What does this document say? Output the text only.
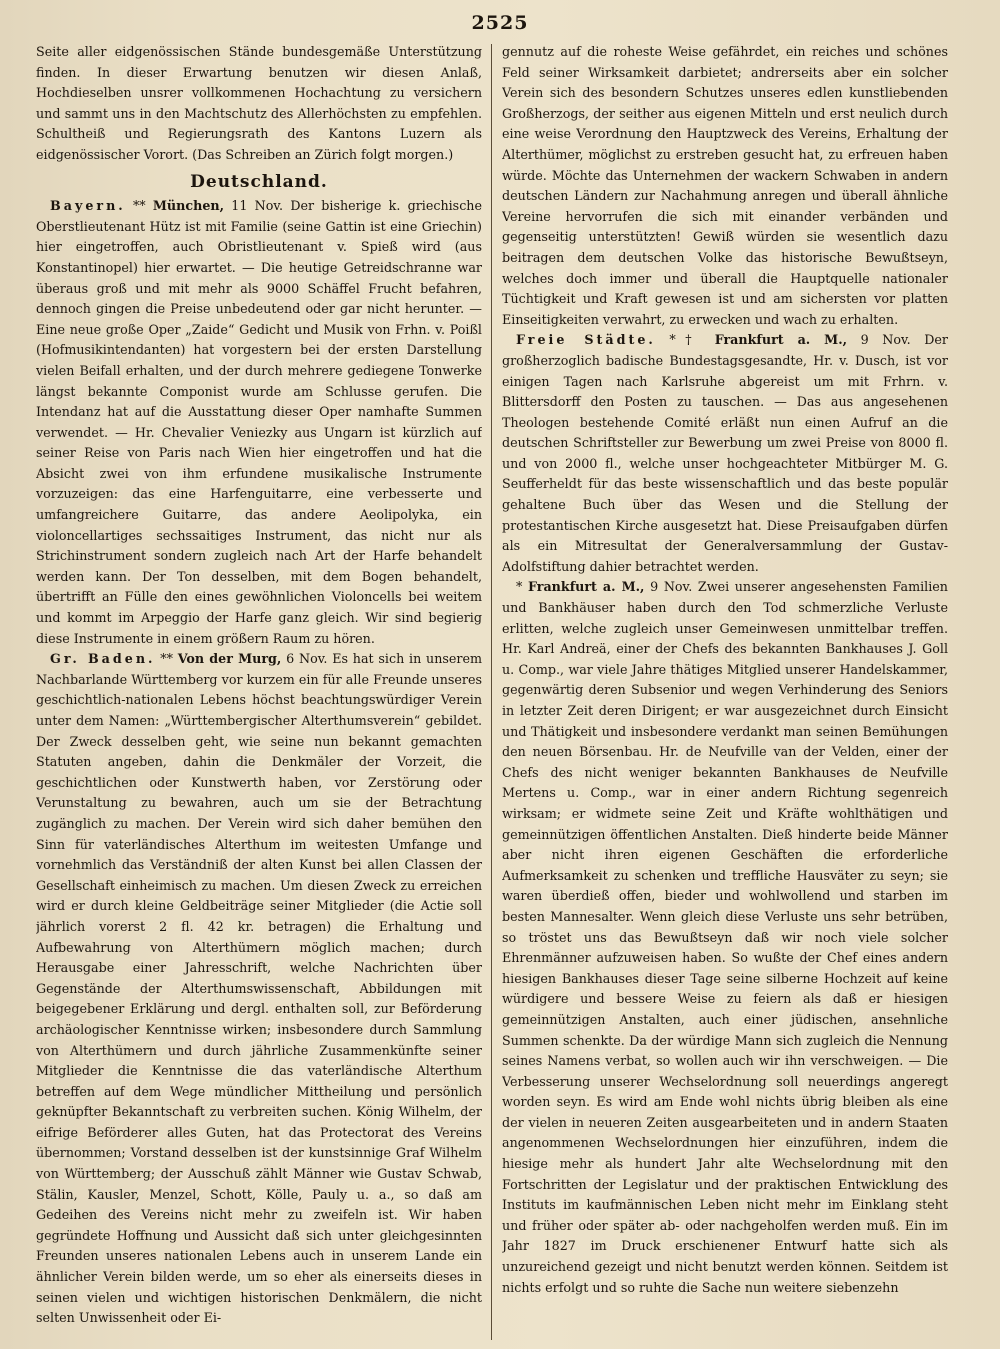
2525

Seite aller eidgenössischen Stände bundesgemäße Unterstützung finden. In dieser Erwartung benutzen wir diesen Anlaß, Hochdieselben unsrer vollkommenen Hochachtung zu versichern und sammt uns in den Machtschutz des Allerhöchsten zu empfehlen. Schultheiß und Regierungsrath des Kantons Luzern als eidgenössischer Vorort. (Das Schreiben an Zürich folgt morgen.)

Deutschland.

Bayern. ** München, 11 Nov. Der bisherige k. griechische Oberstlieutenant Hütz ist mit Familie (seine Gattin ist eine Griechin) hier eingetroffen, auch Obristlieutenant v. Spieß wird (aus Konstantinopel) hier erwartet. — Die heutige Getreidschranne war überaus groß und mit mehr als 9000 Schäffel Frucht befahren, dennoch gingen die Preise unbedeutend oder gar nicht herunter. — Eine neue große Oper „Zaide“ Gedicht und Musik von Frhn. v. Poißl (Hofmusikintendanten) hat vorgestern bei der ersten Darstellung vielen Beifall erhalten, und der durch mehrere gediegene Tonwerke längst bekannte Componist wurde am Schlusse gerufen. Die Intendanz hat auf die Ausstattung dieser Oper namhafte Summen verwendet. — Hr. Chevalier Veniezky aus Ungarn ist kürzlich auf seiner Reise von Paris nach Wien hier eingetroffen und hat die Absicht zwei von ihm erfundene musikalische Instrumente vorzuzeigen: das eine Harfenguitarre, eine verbesserte und umfangreichere Guitarre, das andere Aeolipolyka, ein violoncellartiges sechssaitiges Instrument, das nicht nur als Strichinstrument sondern zugleich nach Art der Harfe behandelt werden kann. Der Ton desselben, mit dem Bogen behandelt, übertrifft an Fülle den eines gewöhnlichen Violoncells bei weitem und kommt im Arpeggio der Harfe ganz gleich. Wir sind begierig diese Instrumente in einem größern Raum zu hören.

Gr. Baden. ** Von der Murg, 6 Nov. Es hat sich in unserem Nachbarlande Württemberg vor kurzem ein für alle Freunde unseres geschichtlich-nationalen Lebens höchst beachtungswürdiger Verein unter dem Namen: „Württembergischer Alterthumsverein“ gebildet. Der Zweck desselben geht, wie seine nun bekannt gemachten Statuten angeben, dahin die Denkmäler der Vorzeit, die geschichtlichen oder Kunstwerth haben, vor Zerstörung oder Verunstaltung zu bewahren, auch um sie der Betrachtung zugänglich zu machen. Der Verein wird sich daher bemühen den Sinn für vaterländisches Alterthum im weitesten Umfange und vornehmlich das Verständniß der alten Kunst bei allen Classen der Gesellschaft einheimisch zu machen. Um diesen Zweck zu erreichen wird er durch kleine Geldbeiträge seiner Mitglieder (die Actie soll jährlich vorerst 2 fl. 42 kr. betragen) die Erhaltung und Aufbewahrung von Alterthümern möglich machen; durch Herausgabe einer Jahresschrift, welche Nachrichten über Gegenstände der Alterthumswissenschaft, Abbildungen mit beigegebener Erklärung und dergl. enthalten soll, zur Beförderung archäologischer Kenntnisse wirken; insbesondere durch Sammlung von Alterthümern und durch jährliche Zusammenkünfte seiner Mitglieder die Kenntnisse die das vaterländische Alterthum betreffen auf dem Wege mündlicher Mittheilung und persönlich geknüpfter Bekanntschaft zu verbreiten suchen. König Wilhelm, der eifrige Beförderer alles Guten, hat das Protectorat des Vereins übernommen; Vorstand desselben ist der kunstsinnige Graf Wilhelm von Württemberg; der Ausschuß zählt Männer wie Gustav Schwab, Stälin, Kausler, Menzel, Schott, Kölle, Pauly u. a., so daß am Gedeihen des Vereins nicht mehr zu zweifeln ist. Wir haben gegründete Hoffnung und Aussicht daß sich unter gleichgesinnten Freunden unseres nationalen Lebens auch in unserem Lande ein ähnlicher Verein bilden werde, um so eher als einerseits dieses in seinen vielen und wichtigen historischen Denkmälern, die nicht selten Unwissenheit oder Ei-

gennutz auf die roheste Weise gefährdet, ein reiches und schönes Feld seiner Wirksamkeit darbietet; andrerseits aber ein solcher Verein sich des besondern Schutzes unseres edlen kunstliebenden Großherzogs, der seither aus eigenen Mitteln und erst neulich durch eine weise Verordnung den Hauptzweck des Vereins, Erhaltung der Alterthümer, möglichst zu erstreben gesucht hat, zu erfreuen haben würde. Möchte das Unternehmen der wackern Schwaben in andern deutschen Ländern zur Nachahmung anregen und überall ähnliche Vereine hervorrufen die sich mit einander verbänden und gegenseitig unterstützten! Gewiß würden sie wesentlich dazu beitragen dem deutschen Volke das historische Bewußtseyn, welches doch immer und überall die Hauptquelle nationaler Tüchtigkeit und Kraft gewesen ist und am sichersten vor platten Einseitigkeiten verwahrt, zu erwecken und wach zu erhalten.

Freie Städte. *† Frankfurt a. M., 9 Nov. Der großherzoglich badische Bundestagsgesandte, Hr. v. Dusch, ist vor einigen Tagen nach Karlsruhe abgereist um mit Frhrn. v. Blittersdorff den Posten zu tauschen. — Das aus angesehenen Theologen bestehende Comité erläßt nun einen Aufruf an die deutschen Schriftsteller zur Bewerbung um zwei Preise von 8000 fl. und von 2000 fl., welche unser hochgeachteter Mitbürger M. G. Seufferheldt für das beste wissenschaftlich und das beste populär gehaltene Buch über das Wesen und die Stellung der protestantischen Kirche ausgesetzt hat. Diese Preisaufgaben dürfen als ein Mitresultat der Generalversammlung der Gustav-Adolfstiftung dahier betrachtet werden.

* Frankfurt a. M., 9 Nov. Zwei unserer angesehensten Familien und Bankhäuser haben durch den Tod schmerzliche Verluste erlitten, welche zugleich unser Gemeinwesen unmittelbar treffen. Hr. Karl Andreä, einer der Chefs des bekannten Bankhauses J. Goll u. Comp., war viele Jahre thätiges Mitglied unserer Handelskammer, gegenwärtig deren Subsenior und wegen Verhinderung des Seniors in letzter Zeit deren Dirigent; er war ausgezeichnet durch Einsicht und Thätigkeit und insbesondere verdankt man seinen Bemühungen den neuen Börsenbau. Hr. de Neufville van der Velden, einer der Chefs des nicht weniger bekannten Bankhauses de Neufville Mertens u. Comp., war in einer andern Richtung segenreich wirksam; er widmete seine Zeit und Kräfte wohlthätigen und gemeinnützigen öffentlichen Anstalten. Dieß hinderte beide Männer aber nicht ihren eigenen Geschäften die erforderliche Aufmerksamkeit zu schenken und treffliche Hausväter zu seyn; sie waren überdieß offen, bieder und wohlwollend und starben im besten Mannesalter. Wenn gleich diese Verluste uns sehr betrüben, so tröstet uns das Bewußtseyn daß wir noch viele solcher Ehrenmänner aufzuweisen haben. So wußte der Chef eines andern hiesigen Bankhauses dieser Tage seine silberne Hochzeit auf keine würdigere und bessere Weise zu feiern als daß er hiesigen gemeinnützigen Anstalten, auch einer jüdischen, ansehnliche Summen schenkte. Da der würdige Mann sich zugleich die Nennung seines Namens verbat, so wollen auch wir ihn verschweigen. — Die Verbesserung unserer Wechselordnung soll neuerdings angeregt worden seyn. Es wird am Ende wohl nichts übrig bleiben als eine der vielen in neueren Zeiten ausgearbeiteten und in andern Staaten angenommenen Wechselordnungen hier einzuführen, indem die hiesige mehr als hundert Jahr alte Wechselordnung mit den Fortschritten der Legislatur und der praktischen Entwicklung des Instituts im kaufmännischen Leben nicht mehr im Einklang steht und früher oder später ab- oder nachgeholfen werden muß. Ein im Jahr 1827 im Druck erschienener Entwurf hatte sich als unzureichend gezeigt und nicht benutzt werden können. Seitdem ist nichts erfolgt und so ruhte die Sache nun weitere siebenzehn
